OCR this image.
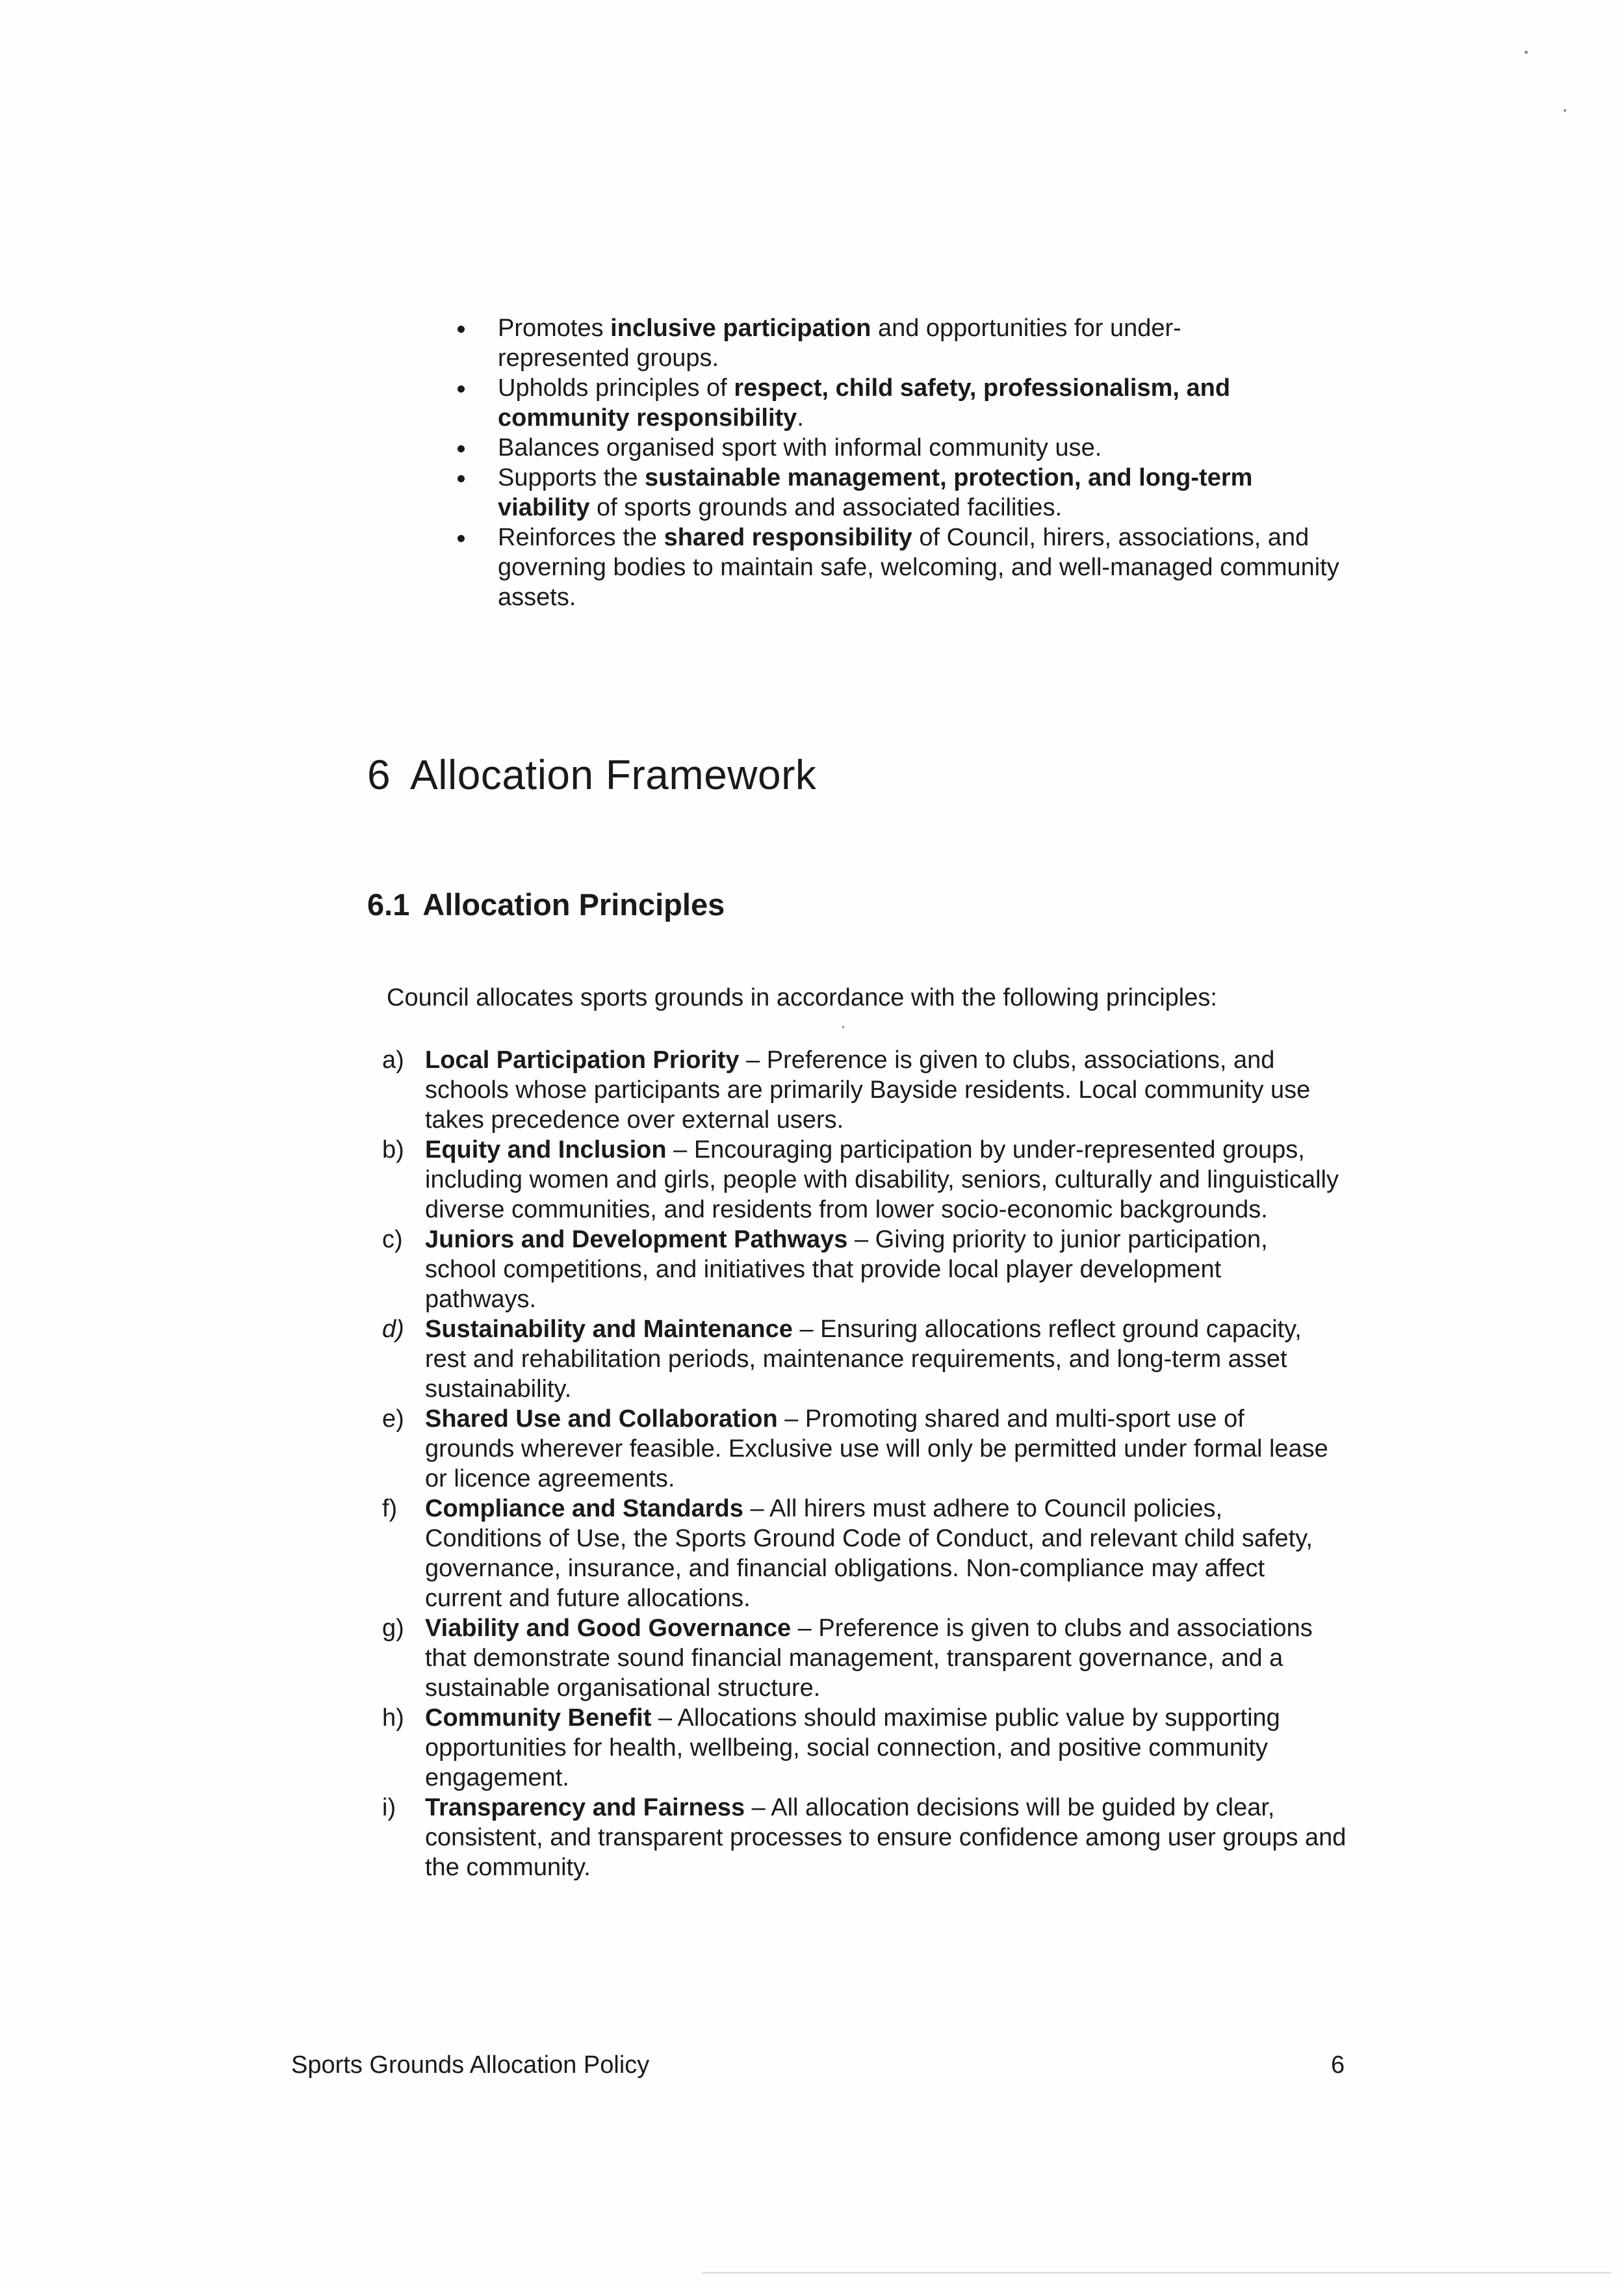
Promotes inclusive participation and opportunities for under-represented groups.
Upholds principles of respect, child safety, professionalism, and community responsibility.
Balances organised sport with informal community use.
Supports the sustainable management, protection, and long-term viability of sports grounds and associated facilities.
Reinforces the shared responsibility of Council, hirers, associations, and governing bodies to maintain safe, welcoming, and well-managed community assets.
6 Allocation Framework
6.1 Allocation Principles

Council allocates sports grounds in accordance with the following principles:

a) Local Participation Priority – Preference is given to clubs, associations, and schools whose participants are primarily Bayside residents. Local community use takes precedence over external users.
b) Equity and Inclusion – Encouraging participation by under-represented groups, including women and girls, people with disability, seniors, culturally and linguistically diverse communities, and residents from lower socio-economic backgrounds.
c) Juniors and Development Pathways – Giving priority to junior participation, school competitions, and initiatives that provide local player development pathways.
d) Sustainability and Maintenance – Ensuring allocations reflect ground capacity, rest and rehabilitation periods, maintenance requirements, and long-term asset sustainability.
e) Shared Use and Collaboration – Promoting shared and multi-sport use of grounds wherever feasible. Exclusive use will only be permitted under formal lease or licence agreements.
f) Compliance and Standards – All hirers must adhere to Council policies, Conditions of Use, the Sports Ground Code of Conduct, and relevant child safety, governance, insurance, and financial obligations. Non-compliance may affect current and future allocations.
g) Viability and Good Governance – Preference is given to clubs and associations that demonstrate sound financial management, transparent governance, and a sustainable organisational structure.
h) Community Benefit – Allocations should maximise public value by supporting opportunities for health, wellbeing, social connection, and positive community engagement.
i) Transparency and Fairness – All allocation decisions will be guided by clear, consistent, and transparent processes to ensure confidence among user groups and the community.

Sports Grounds Allocation Policy	6
